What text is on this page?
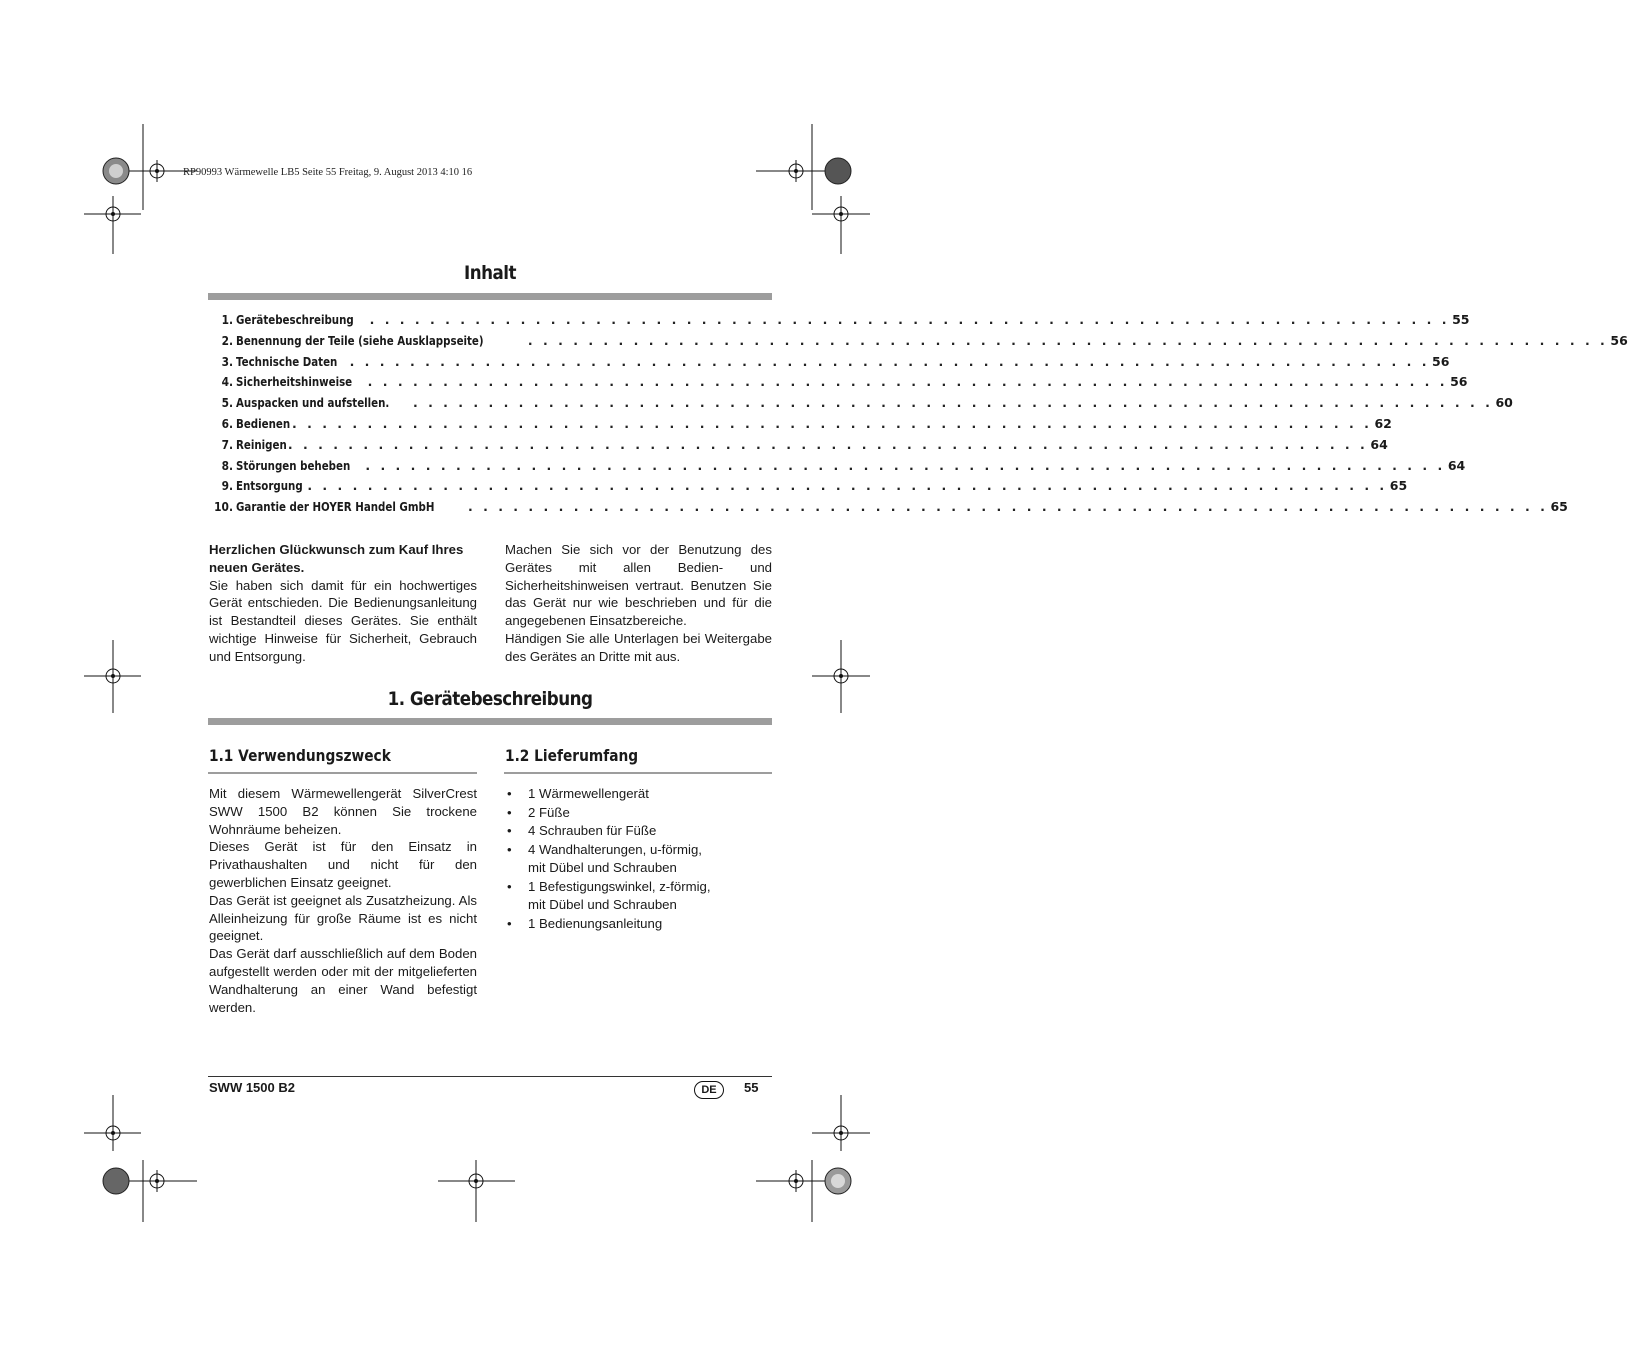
RP90993 Wärmewelle LB5 Seite 55 Freitag, 9. August 2013 4:10 16
Inhalt
1. Gerätebeschreibung . . . . . . . . . . . . . . . . . . . . . . . . . . . . . . . . . . . . . . . . . . . . . . . . . . . . . . . . . . . . . . . . . . . . . . . . 55
2. Benennung der Teile (siehe Ausklappseite)	. . . . . . . . . . . . . . . . . . . . . . . . . . . . . . . . . . . . . . . . . . . . . . . . . . . . . . . . . . . . . . . . . . . . . . . . 56
3. Technische Daten . . . . . . . . . . . . . . . . . . . . . . . . . . . . . . . . . . . . . . . . . . . . . . . . . . . . . . . . . . . . . . . . . . . . . . . . 56
4. Sicherheitshinweise . . . . . . . . . . . . . . . . . . . . . . . . . . . . . . . . . . . . . . . . . . . . . . . . . . . . . . . . . . . . . . . . . . . . . . . . 56
5. Auspacken und aufstellen. . . . . . . . . . . . . . . . . . . . . . . . . . . . . . . . . . . . . . . . . . . . . . . . . . . . . . . . . . . . . . . . . . . . . . . . . 60
6. Bedienen . . . . . . . . . . . . . . . . . . . . . . . . . . . . . . . . . . . . . . . . . . . . . . . . . . . . . . . . . . . . . . . . . . . . . . . . 62
7. Reinigen . . . . . . . . . . . . . . . . . . . . . . . . . . . . . . . . . . . . . . . . . . . . . . . . . . . . . . . . . . . . . . . . . . . . . . . . 64
8. Störungen beheben . . . . . . . . . . . . . . . . . . . . . . . . . . . . . . . . . . . . . . . . . . . . . . . . . . . . . . . . . . . . . . . . . . . . . . . . 64
9. Entsorgung . . . . . . . . . . . . . . . . . . . . . . . . . . . . . . . . . . . . . . . . . . . . . . . . . . . . . . . . . . . . . . . . . . . . . . . . 65
10. Garantie der HOYER Handel GmbH	. . . . . . . . . . . . . . . . . . . . . . . . . . . . . . . . . . . . . . . . . . . . . . . . . . . . . . . . . . . . . . . . . . . . . . . . 65

Herzlichen Glückwunsch zum Kauf Ihres neuen Gerätes.

Sie haben sich damit für ein hochwertiges Gerät entschieden. Die Bedienungsanleitung ist Bestandteil dieses Gerätes. Sie enthält wichtige Hinweise für Sicherheit, Gebrauch und Entsorgung.

Machen Sie sich vor der Benutzung des Gerätes mit allen Bedien- und Sicherheitshinweisen vertraut. Benutzen Sie das Gerät nur wie beschrieben und für die angegebenen Einsatzbereiche.

Händigen Sie alle Unterlagen bei Weitergabe des Gerätes an Dritte mit aus.

1. Gerätebeschreibung
1.1 Verwendungszweck	1.2 Lieferumfang

Mit diesem Wärmewellengerät SilverCrest SWW 1500 B2 können Sie trockene Wohnräume beheizen.

Dieses Gerät ist für den Einsatz in Privathaushalten und nicht für den gewerblichen Einsatz geeignet.

Das Gerät ist geeignet als Zusatzheizung. Als Alleinheizung für große Räume ist es nicht geeignet.

Das Gerät darf ausschließlich auf dem Boden aufgestellt werden oder mit der mitgelieferten Wandhalterung an einer Wand befestigt werden.

• 1 Wärmewellengerät
• 2 Füße
• 4 Schrauben für Füße
• 4 Wandhalterungen, u-förmig, mit Dübel und Schrauben
• 1 Befestigungswinkel, z-förmig, mit Dübel und Schrauben
• 1 Bedienungsanleitung
SWW 1500 B2	DE	55
